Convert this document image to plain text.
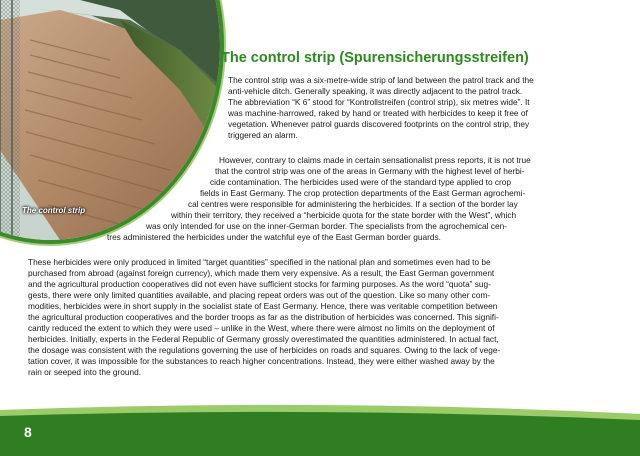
The control strip
The control strip (Spurensicherungsstreifen)
The control strip was a six-metre-wide strip of land between the patrol track and the
anti-vehicle ditch. Generally speaking, it was directly adjacent to the patrol track.
The abbreviation “K 6” stood for “Kontrollstreifen (control strip), six metres wide”. It
was machine-harrowed, raked by hand or treated with herbicides to keep it free of
vegetation. Whenever patrol guards discovered footprints on the control strip, they
triggered an alarm.
However, contrary to claims made in certain sensationalist press reports, it is not true
that the control strip was one of the areas in Germany with the highest level of herbi-
cide contamination. The herbicides used were of the standard type applied to crop
fields in East Germany. The crop protection departments of the East German agrochemi-
cal centres were responsible for administering the herbicides. If a section of the border lay
within their territory, they received a “herbicide quota for the state border with the West”, which
was only intended for use on the inner-German border. The specialists from the agrochemical cen-
tres administered the herbicides under the watchful eye of the East German border guards.
These herbicides were only produced in limited “target quantities” specified in the national plan and sometimes even had to be
purchased from abroad (against foreign currency), which made them very expensive. As a result, the East German government
and the agricultural production cooperatives did not even have sufficient stocks for farming purposes. As the word “quota” sug-
gests, there were only limited quantities available, and placing repeat orders was out of the question. Like so many other com-
modities, herbicides were in short supply in the socialist state of East Germany. Hence, there was veritable competition between
the agricultural production cooperatives and the border troops as far as the distribution of herbicides was concerned. This signifi-
cantly reduced the extent to which they were used – unlike in the West, where there were almost no limits on the deployment of
herbicides. Initially, experts in the Federal Republic of Germany grossly overestimated the quantities administered. In actual fact,
the dosage was consistent with the regulations governing the use of herbicides on roads and squares. Owing to the lack of vege-
tation cover, it was impossible for the substances to reach higher concentrations. Instead, they were either washed away by the
rain or seeped into the ground.
8
